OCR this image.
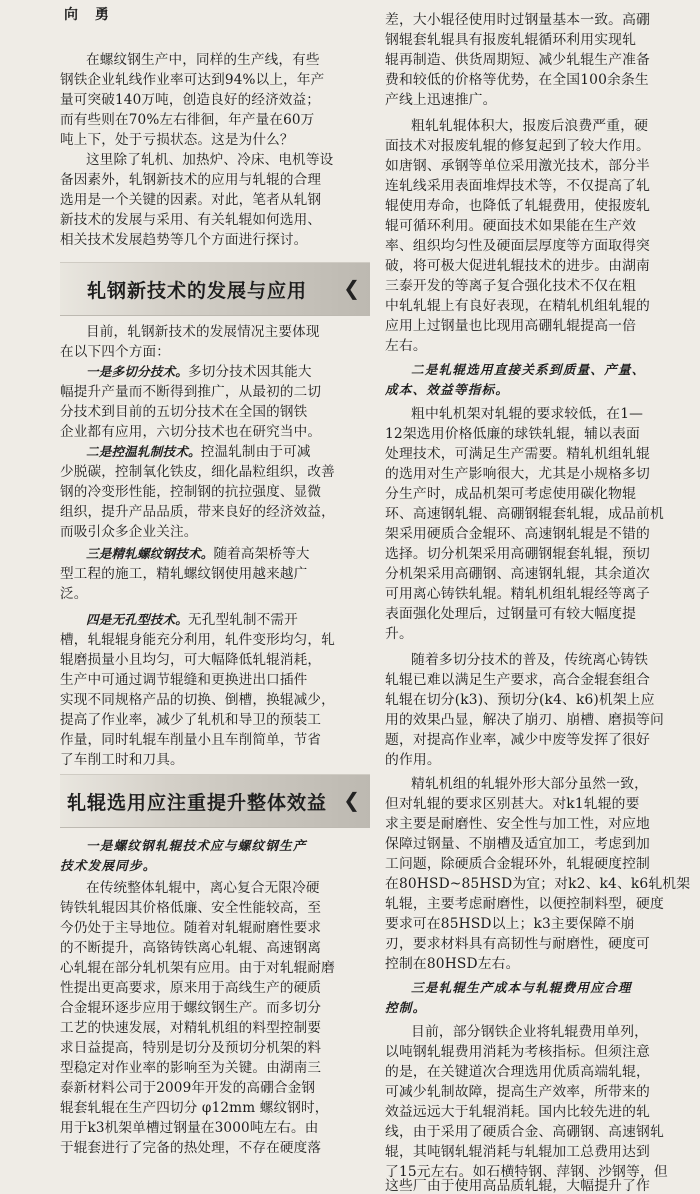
向 勇
在螺纹钢生产中，同样的生产线，有些
钢铁企业轧线作业率可达到94%以上，年产
量可突破140万吨，创造良好的经济效益；
而有些则在70%左右徘徊，年产量在60万
吨上下，处于亏损状态。这是为什么？
这里除了轧机、加热炉、冷床、电机等设
备因素外，轧钢新技术的应用与轧辊的合理
选用是一个关键的因素。对此，笔者从轧钢
新技术的发展与采用、有关轧辊如何选用、
相关技术发展趋势等几个方面进行探讨。
轧钢新技术的发展与应用	❮
目前，轧钢新技术的发展情况主要体现
在以下四个方面：
一是多切分技术。多切分技术因其能大
幅提升产量而不断得到推广，从最初的二切
分技术到目前的五切分技术在全国的钢铁
企业都有应用，六切分技术也在研究当中。
二是控温轧制技术。控温轧制由于可减
少脱碳，控制氧化铁皮，细化晶粒组织，改善
钢的冷变形性能，控制钢的抗拉强度、显微
组织，提升产品品质，带来良好的经济效益，
而吸引众多企业关注。
三是精轧螺纹钢技术。随着高架桥等大
型工程的施工，精轧螺纹钢使用越来越广
泛。
四是无孔型技术。无孔型轧制不需开
槽，轧辊辊身能充分利用，轧件变形均匀，轧
辊磨损量小且均匀，可大幅降低轧辊消耗，
生产中可通过调节辊缝和更换进出口插件
实现不同规格产品的切换、倒槽，换辊减少，
提高了作业率，减少了轧机和导卫的预装工
作量，同时轧辊车削量小且车削简单，节省
了车削工时和刀具。
轧辊选用应注重提升整体效益 ❮
一是螺纹钢轧辊技术应与螺纹钢生产
技术发展同步。
在传统整体轧辊中，离心复合无限冷硬
铸铁轧辊因其价格低廉、安全性能较高，至
今仍处于主导地位。随着对轧辊耐磨性要求
的不断提升，高铬铸铁离心轧辊、高速钢离
心轧辊在部分轧机架有应用。由于对轧辊耐磨
性提出更高要求，原来用于高线生产的硬质
合金辊环逐步应用于螺纹钢生产。而多切分
工艺的快速发展，对精轧机组的料型控制要
求日益提高，特别是切分及预切分机架的料
型稳定对作业率的影响至为关键。由湖南三
泰新材料公司于2009年开发的高硼合金钢
辊套轧辊在生产四切分 φ12mm 螺纹钢时，
用于k3机架单槽过钢量在3000吨左右。由
于辊套进行了完备的热处理，不存在硬度落
差，大小辊径使用时过钢量基本一致。高硼
钢辊套轧辊具有报废轧辊循环利用实现轧
辊再制造、供货周期短、减少轧辊生产准备
费和较低的价格等优势，在全国100余条生
产线上迅速推广。
粗轧轧辊体积大，报废后浪费严重，硬
面技术对报废轧辊的修复起到了较大作用。
如唐钢、承钢等单位采用激光技术，部分半
连轧线采用表面堆焊技术等，不仅提高了轧
辊使用寿命，也降低了轧辊费用，使报废轧
辊可循环利用。硬面技术如果能在生产效
率、组织均匀性及硬面层厚度等方面取得突
破，将可极大促进轧辊技术的进步。由湖南
三泰开发的等离子复合强化技术不仅在粗
中轧轧辊上有良好表现，在精轧机组轧辊的
应用上过钢量也比现用高硼轧辊提高一倍
左右。
二是轧辊选用直接关系到质量、产量、
成本、效益等指标。
粗中轧机架对轧辊的要求较低，在1—
12架选用价格低廉的球铁轧辊，辅以表面
处理技术，可满足生产需要。精轧机组轧辊
的选用对生产影响很大，尤其是小规格多切
分生产时，成品机架可考虑使用碳化物辊
环、高速钢轧辊、高硼钢辊套轧辊，成品前机
架采用硬质合金辊环、高速钢轧辊是不错的
选择。切分机架采用高硼钢辊套轧辊，预切
分机架采用高硼钢、高速钢轧辊，其余道次
可用离心铸铁轧辊。精轧机组轧辊经等离子
表面强化处理后，过钢量可有较大幅度提
升。
随着多切分技术的普及，传统离心铸铁
轧辊已难以满足生产要求，高合金辊套组合
轧辊在切分(k3)、预切分(k4、k6)机架上应
用的效果凸显，解决了崩刃、崩槽、磨损等问
题，对提高作业率，减少中废等发挥了很好
的作用。
精轧机组的轧辊外形大部分虽然一致，
但对轧辊的要求区别甚大。对k1轧辊的要
求主要是耐磨性、安全性与加工性，对应地
保障过钢量、不崩槽及适宜加工，考虑到加
工问题，除硬质合金辊环外，轧辊硬度控制
在80HSD~85HSD为宜；对k2、k4、k6轧机架
轧辊，主要考虑耐磨性，以便控制料型，硬度
要求可在85HSD以上；k3主要保障不崩
刃，要求材料具有高韧性与耐磨性，硬度可
控制在80HSD左右。
三是轧辊生产成本与轧辊费用应合理
控制。
目前，部分钢铁企业将轧辊费用单列，
以吨钢轧辊费用消耗为考核指标。但须注意
的是，在关键道次合理选用优质高端轧辊，
可减少轧制故障，提高生产效率，所带来的
效益远远大于轧辊消耗。国内比较先进的轧
线，由于采用了硬质合金、高硼钢、高速钢轧
辊，其吨钢轧辊消耗与轧辊加工总费用达到
了15元左右。如石横特钢、萍钢、沙钢等，但
这些厂由于使用高品质轧辊，大幅提升了作
